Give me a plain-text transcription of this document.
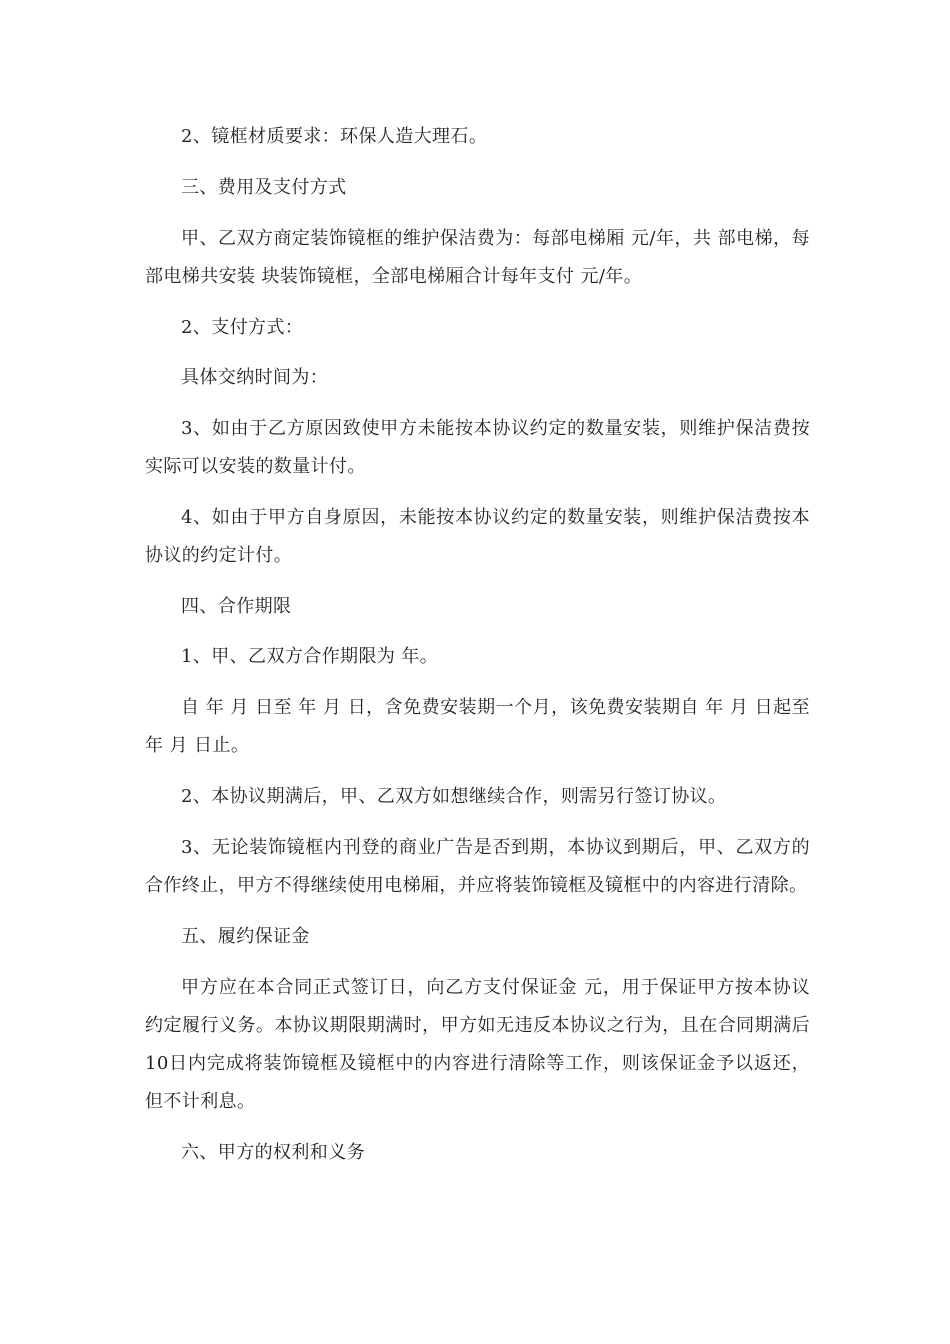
2、镜框材质要求：环保人造大理石。

三、费用及支付方式

甲、乙双方商定装饰镜框的维护保洁费为：每部电梯厢 元/年，共 部电梯，每部电梯共安装 块装饰镜框，全部电梯厢合计每年支付 元/年。

2、支付方式：

具体交纳时间为：

3、如由于乙方原因致使甲方未能按本协议约定的数量安装，则维护保洁费按实际可以安装的数量计付。

4、如由于甲方自身原因，未能按本协议约定的数量安装，则维护保洁费按本协议的约定计付。

四、合作期限

1、甲、乙双方合作期限为 年。

自 年 月 日至 年 月 日，含免费安装期一个月，该免费安装期自 年 月 日起至 年 月 日止。

2、本协议期满后，甲、乙双方如想继续合作，则需另行签订协议。

3、无论装饰镜框内刊登的商业广告是否到期，本协议到期后，甲、乙双方的合作终止，甲方不得继续使用电梯厢，并应将装饰镜框及镜框中的内容进行清除。

五、履约保证金

甲方应在本合同正式签订日，向乙方支付保证金 元，用于保证甲方按本协议约定履行义务。本协议期限期满时，甲方如无违反本协议之行为，且在合同期满后10日内完成将装饰镜框及镜框中的内容进行清除等工作，则该保证金予以返还，但不计利息。

六、甲方的权利和义务
